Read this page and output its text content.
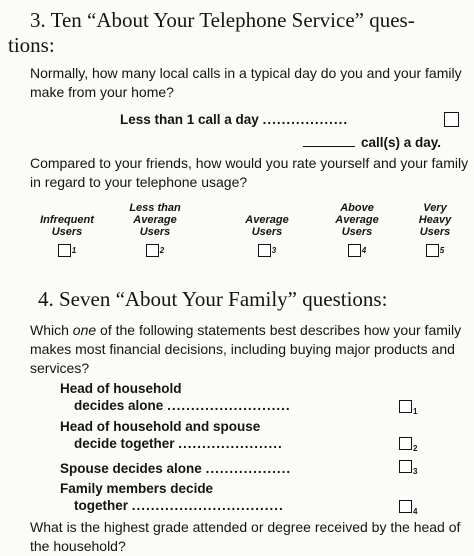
3. Ten “About Your Telephone Service” ques-
tions:

Normally, how many local calls in a typical day do you and your family make from your home?

Less than 1 call a day ..................
call(s) a day.

Compared to your friends, how would you rate yourself and your family in regard to your telephone usage?

Infrequent
Users
1
Less than
Average
Users
2
Average
Users
3
Above
Average
Users
4
Very
Heavy
Users
5
4. Seven “About Your Family” questions:

Which one of the following statements best describes how your family makes most financial decisions, including buying major products and services?

Head of household
decides alone ..........................	1
Head of household and spouse
decide together ......................	2
Spouse decides alone ..................	3
Family members decide
together ................................	4

What is the highest grade attended or degree received by the head of the household?
